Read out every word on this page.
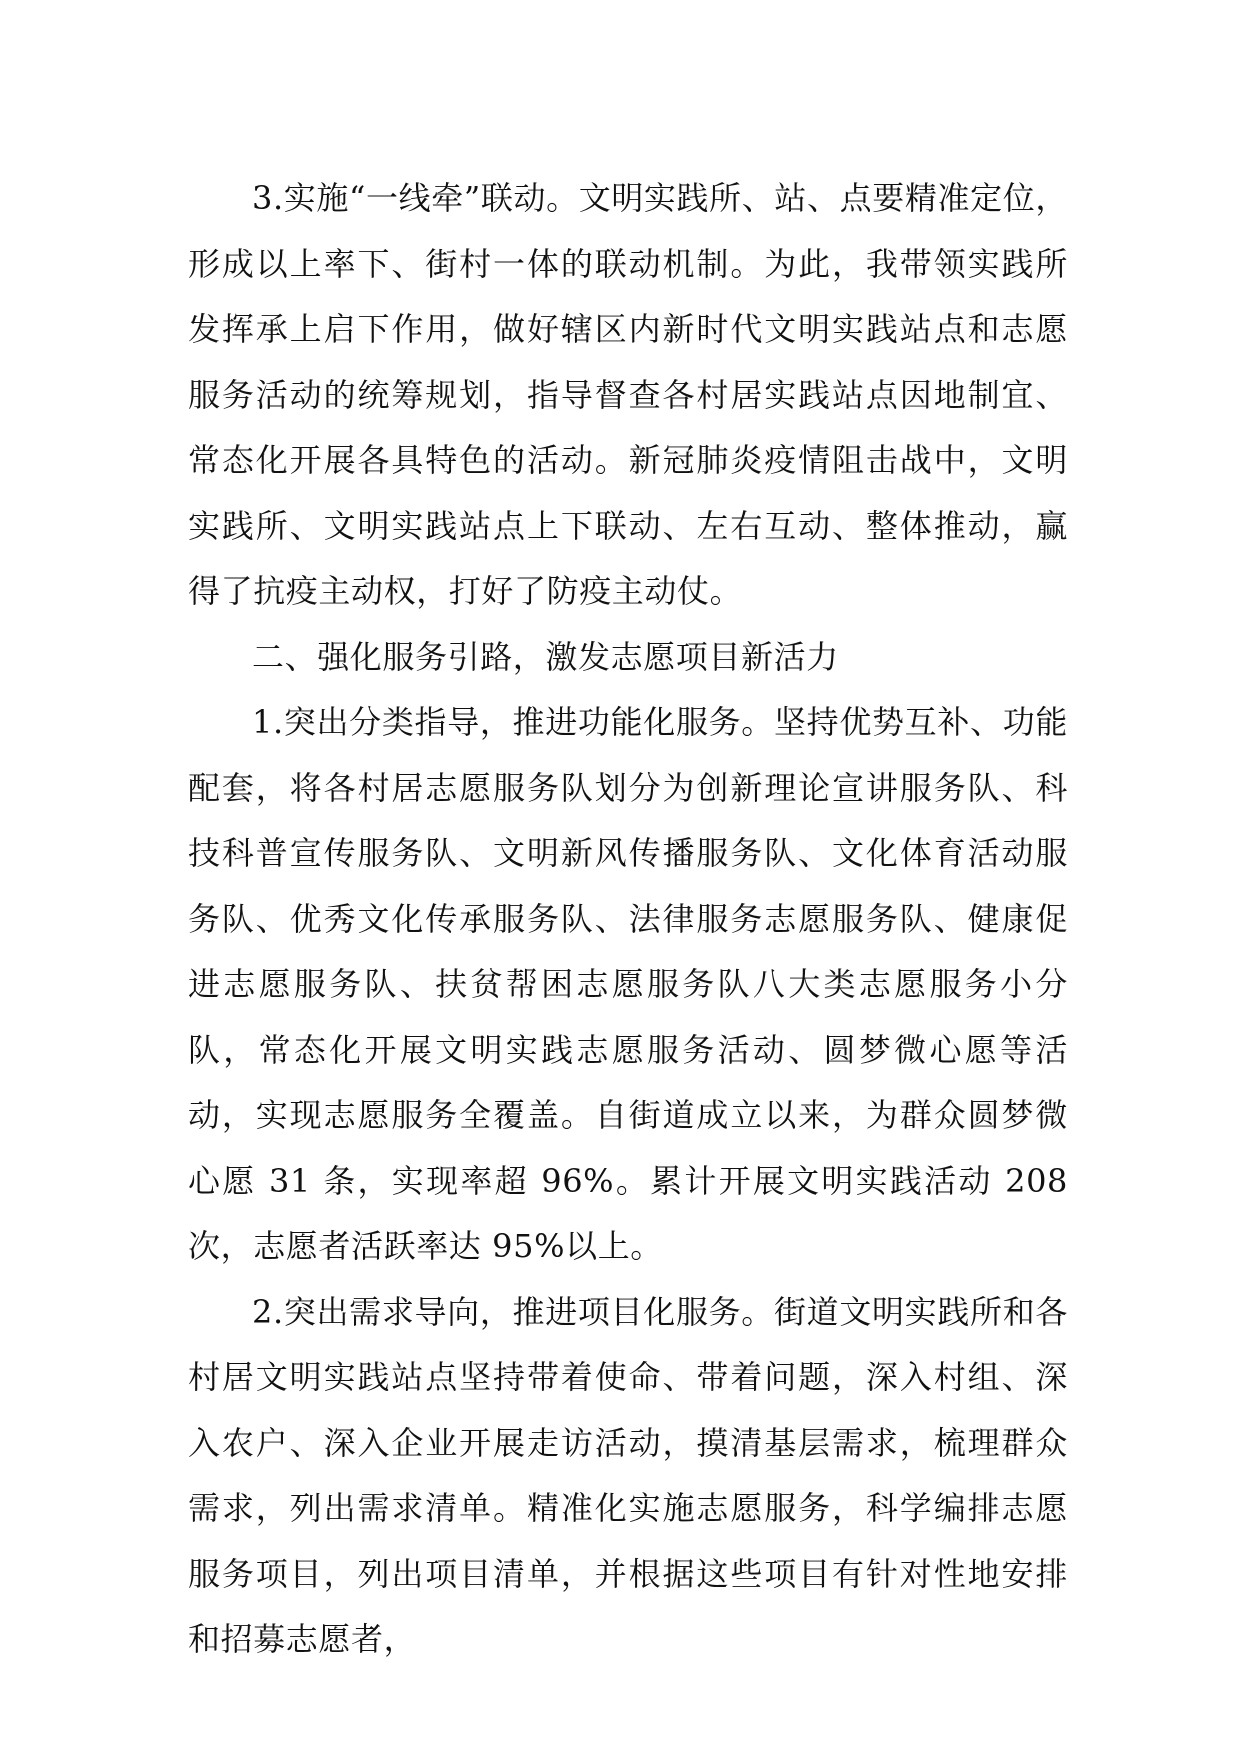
3.实施“一线牵”联动。文明实践所、站、点要精准定位，形成以上率下、街村一体的联动机制。为此，我带领实践所发挥承上启下作用，做好辖区内新时代文明实践站点和志愿服务活动的统筹规划，指导督查各村居实践站点因地制宜、常态化开展各具特色的活动。新冠肺炎疫情阻击战中，文明实践所、文明实践站点上下联动、左右互动、整体推动，赢得了抗疫主动权，打好了防疫主动仗。

二、强化服务引路，激发志愿项目新活力

1.突出分类指导，推进功能化服务。坚持优势互补、功能配套，将各村居志愿服务队划分为创新理论宣讲服务队、科技科普宣传服务队、文明新风传播服务队、文化体育活动服务队、优秀文化传承服务队、法律服务志愿服务队、健康促进志愿服务队、扶贫帮困志愿服务队八大类志愿服务小分队，常态化开展文明实践志愿服务活动、圆梦微心愿等活动，实现志愿服务全覆盖。自街道成立以来，为群众圆梦微心愿 31 条，实现率超 96%。累计开展文明实践活动 208 次，志愿者活跃率达 95%以上。

2.突出需求导向，推进项目化服务。街道文明实践所和各村居文明实践站点坚持带着使命、带着问题，深入村组、深入农户、深入企业开展走访活动，摸清基层需求，梳理群众需求，列出需求清单。精准化实施志愿服务，科学编排志愿服务项目，列出项目清单，并根据这些项目有针对性地安排和招募志愿者，
